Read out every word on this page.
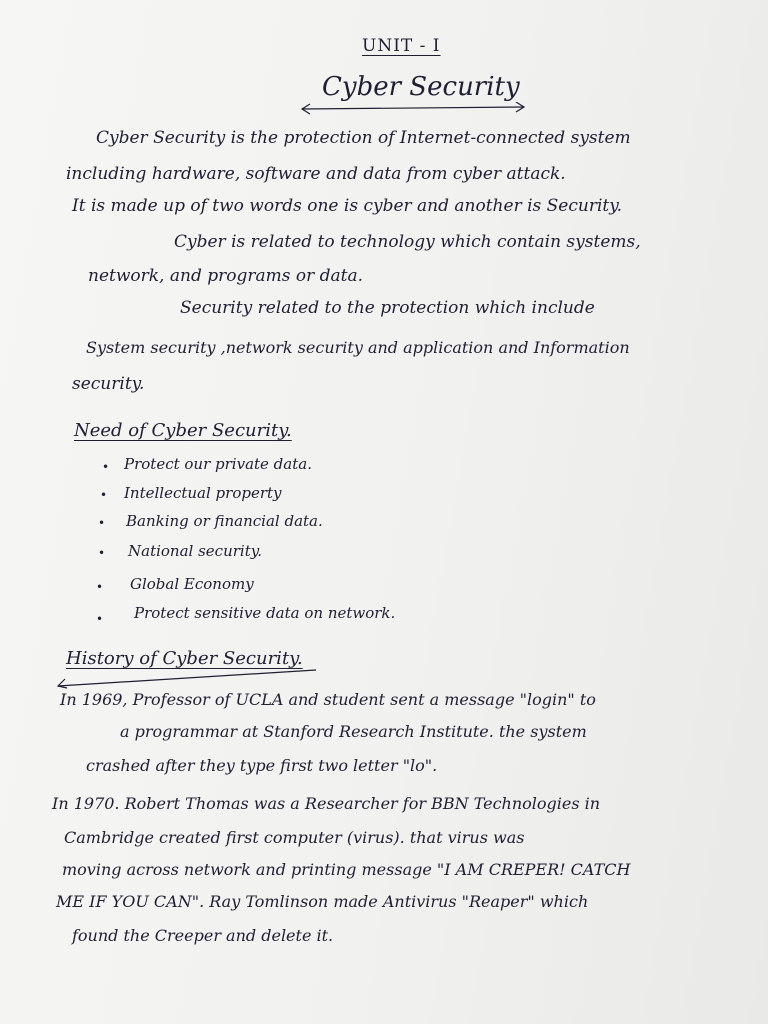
UNIT - I
Cyber Security
Cyber Security is the protection of Internet-connected system
including hardware, software and data from cyber attack.
It is made up of two words one is cyber and another is Security.
Cyber is related to technology which contain systems,
network, and programs or data.
Security related to the protection which include
System security ,network security and application and Information
security.
Need of Cyber Security.
• Protect our private data.
• Intellectual property
• Banking or financial data.
• National security.
• Global Economy
• Protect sensitive data on network.
History of Cyber Security.
In 1969, Professor of UCLA and student sent a message "login" to
a programmar at Stanford Research Institute. the system
crashed after they type first two letter "lo".
In 1970. Robert Thomas was a Researcher for BBN Technologies in
Cambridge created first computer (virus). that virus was
moving across network and printing message "I AM CREPER! CATCH
ME IF YOU CAN". Ray Tomlinson made Antivirus "Reaper" which
found the Creeper and delete it.
